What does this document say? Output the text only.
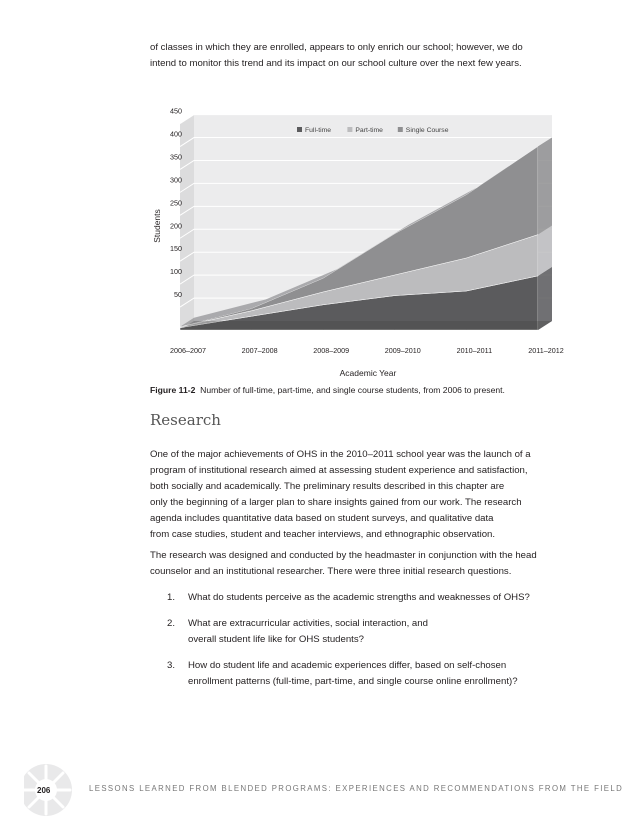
of classes in which they are enrolled, appears to only enrich our school; however, we do
intend to monitor this trend and its impact on our school culture over the next few years.
50
100
150
200
250
300
350
400
450
2006–2007	2007–2008	2008–2009	2009–2010	2010–2011	2011–2012
Students
Academic Year
Full-time	Part-time	Single Course
Figure 11-2 Number of full-time, part-time, and single course students, from 2006 to present.
Research
One of the major achievements of OHS in the 2010–2011 school year was the launch of a
program of institutional research aimed at assessing student experience and satisfaction,
both socially and academically. The preliminary results described in this chapter are
only the beginning of a larger plan to share insights gained from our work. The research
agenda includes quantitative data based on student surveys, and qualitative data
from case studies, student and teacher interviews, and ethnographic observation.
The research was designed and conducted by the headmaster in conjunction with the head
counselor and an institutional researcher. There were three initial research questions.
1. What do students perceive as the academic strengths and weaknesses of OHS?
2. What are extracurricular activities, social interaction, and
overall student life like for OHS students?
3. How do student life and academic experiences differ, based on self-chosen
enrollment patterns (full-time, part-time, and single course online enrollment)?
206	LESSONS LEARNED FROM BLENDED PROGRAMS: EXPERIENCES AND RECOMMENDATIONS FROM THE FIELD
